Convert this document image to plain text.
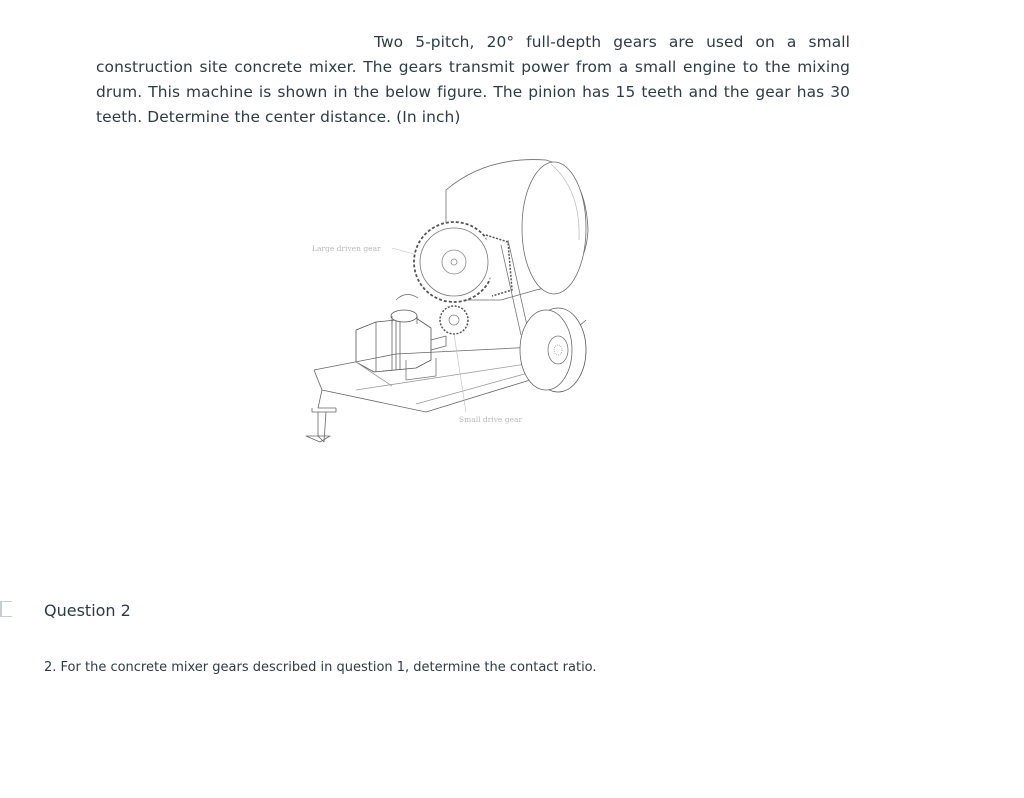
Two 5-pitch, 20° full-depth gears are used on a small construction site concrete mixer. The gears transmit power from a small engine to the mixing drum. This machine is shown in the below figure. The pinion has 15 teeth and the gear has 30 teeth. Determine the center distance. (In inch)
Large driven gear
Small drive gear
Question 2
2. For the concrete mixer gears described in question 1, determine the contact ratio.
